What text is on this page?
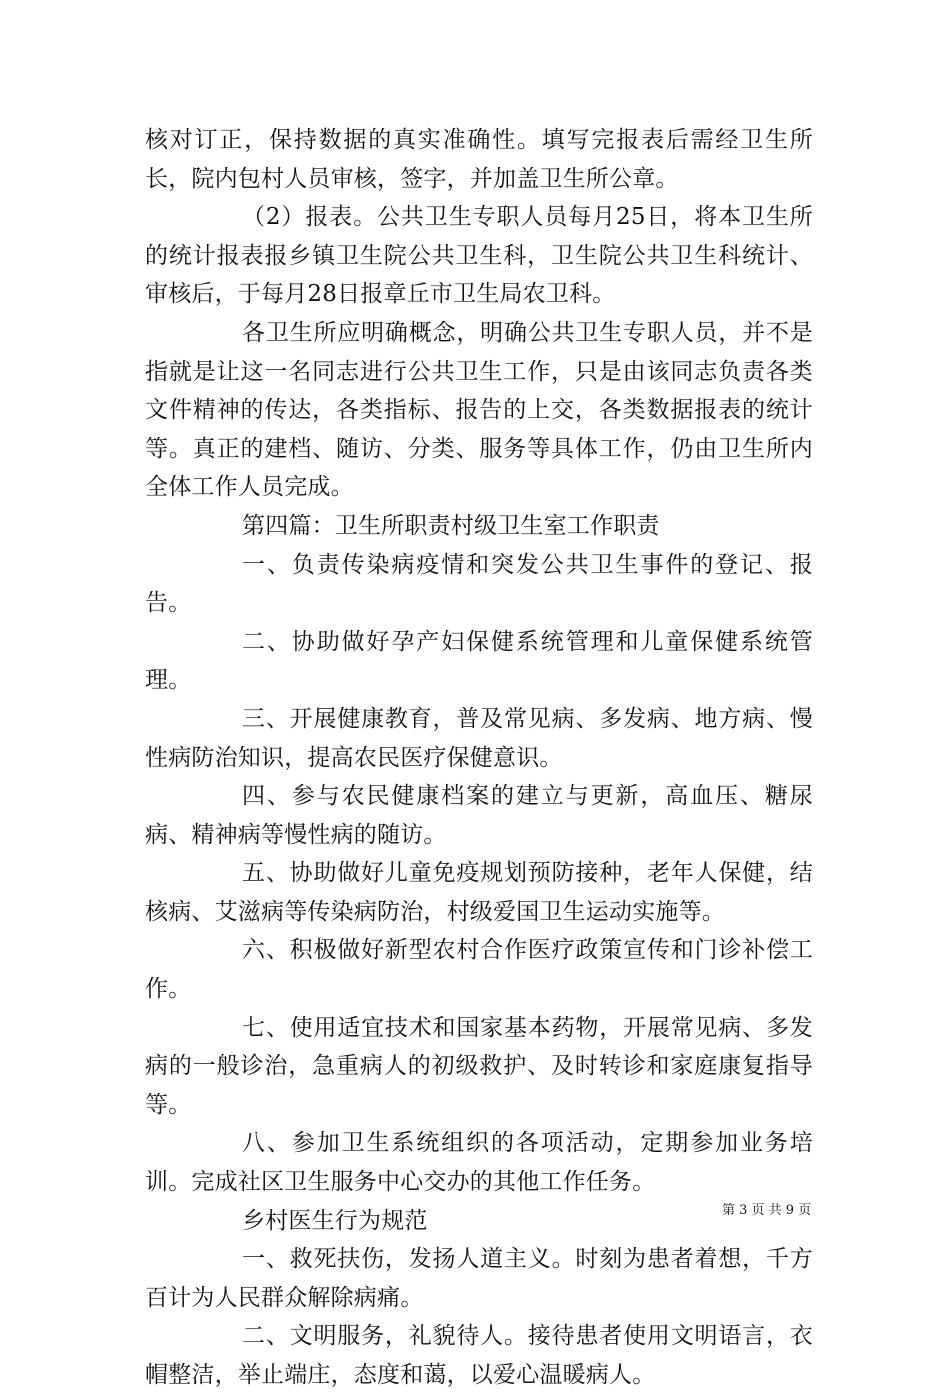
核对订正，保持数据的真实准确性。填写完报表后需经卫生所长，院内包村人员审核，签字，并加盖卫生所公章。

（2）报表。公共卫生专职人员每月25日，将本卫生所的统计报表报乡镇卫生院公共卫生科，卫生院公共卫生科统计、审核后，于每月28日报章丘市卫生局农卫科。

各卫生所应明确概念，明确公共卫生专职人员，并不是指就是让这一名同志进行公共卫生工作，只是由该同志负责各类文件精神的传达，各类指标、报告的上交，各类数据报表的统计等。真正的建档、随访、分类、服务等具体工作，仍由卫生所内全体工作人员完成。

第四篇：卫生所职责村级卫生室工作职责

一、负责传染病疫情和突发公共卫生事件的登记、报告。

二、协助做好孕产妇保健系统管理和儿童保健系统管理。

三、开展健康教育，普及常见病、多发病、地方病、慢性病防治知识，提高农民医疗保健意识。

四、参与农民健康档案的建立与更新，高血压、糖尿病、精神病等慢性病的随访。

五、协助做好儿童免疫规划预防接种，老年人保健，结核病、艾滋病等传染病防治，村级爱国卫生运动实施等。

六、积极做好新型农村合作医疗政策宣传和门诊补偿工作。

七、使用适宜技术和国家基本药物，开展常见病、多发病的一般诊治，急重病人的初级救护、及时转诊和家庭康复指导等。

八、参加卫生系统组织的各项活动，定期参加业务培训。完成社区卫生服务中心交办的其他工作任务。

乡村医生行为规范

一、救死扶伤，发扬人道主义。时刻为患者着想，千方百计为人民群众解除病痛。

二、文明服务，礼貌待人。接待患者使用文明语言，衣帽整洁，举止端庄，态度和蔼，以爱心温暖病人。

第 3 页 共 9 页
